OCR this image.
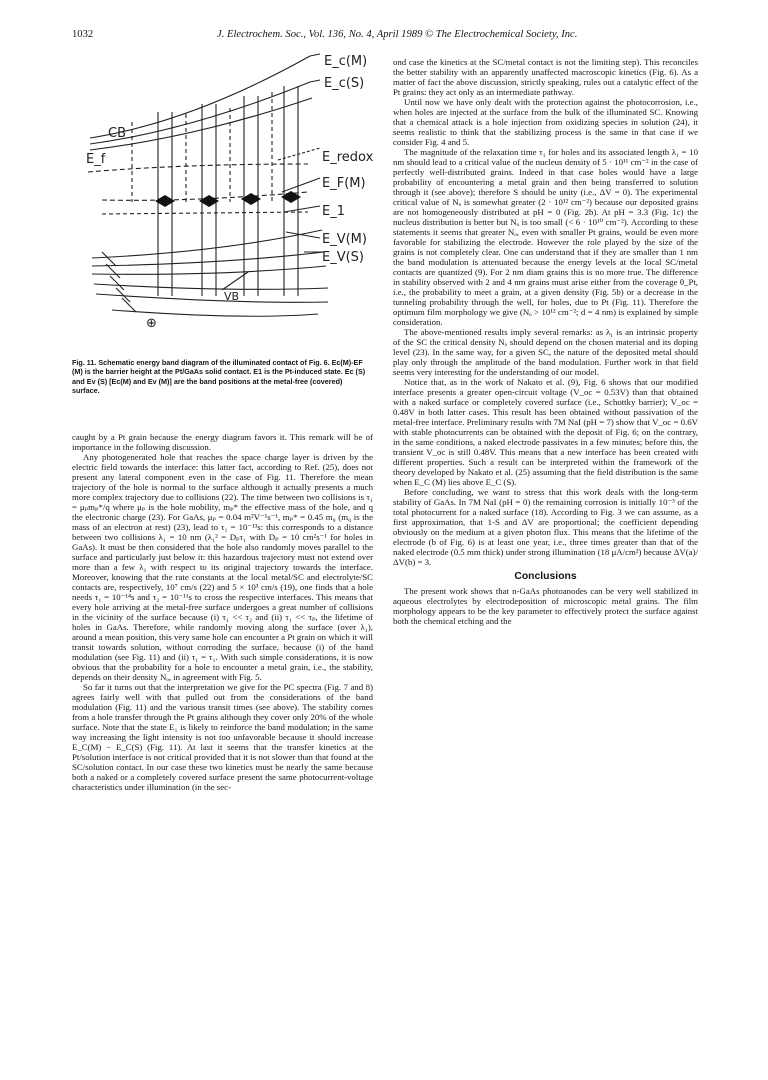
1032	J. Electrochem. Soc., Vol. 136, No. 4, April 1989 © The Electrochemical Society, Inc.
E_c(M)
E_c(S)
CB
E_f	E_redox
E_F(M)
E_1
E_V(M)
E_V(S)
VB
⊕
Fig. 11. Schematic energy band diagram of the illuminated contact of Fig. 6. Ec(M)-EF (M) is the barrier height at the Pt/GaAs solid contact. E1 is the Pt-induced state. Ec (S) and Ev (S) [Ec(M) and Ev (M)] are the band positions at the metal-free (covered) surface.

caught by a Pt grain because the energy diagram favors it. This remark will be of importance in the following discussion.

Any photogenerated hole that reaches the space charge layer is driven by the electric field towards the interface: this latter fact, according to Ref. (25), does not present any lateral component even in the case of Fig. 11. Therefore the mean trajectory of the hole is normal to the surface although it actually presents a much more complex trajectory due to collisions (22). The time between two collisions is τ₁ = μₚmₚ*/q where μₚ is the hole mobility, mₚ* the effective mass of the hole, and q the electronic charge (23). For GaAs, μₚ = 0.04 m²V⁻¹s⁻¹, mₚ* = 0.45 m₀ (m₀ is the mass of an electron at rest) (23), lead to τ₁ = 10⁻¹³s: this corresponds to a distance between two collisions λ₁ = 10 nm (λ₁² = Dₚτ₁ with Dₚ = 10 cm²s⁻¹ for holes in GaAs). It must be then considered that the hole also randomly moves parallel to the surface and particularly just below it: this hazardous trajectory must not extend over more than a few λ₁ with respect to its original trajectory towards the interface. Moreover, knowing that the rate constants at the local metal/SC and electrolyte/SC contacts are, respectively, 10⁷ cm/s (22) and 5 × 10³ cm/s (19), one finds that a hole needs τ₁ = 10⁻¹⁴s and τ₂ = 10⁻¹¹s to cross the respective interfaces. This means that every hole arriving at the metal-free surface undergoes a great number of collisions in the vicinity of the surface because (i) τ₁ << τ₂ and (ii) τ₁ << τₚ, the lifetime of holes in GaAs. Therefore, while randomly moving along the surface (over λ₁), around a mean position, this very same hole can encounter a Pt grain on which it will transit towards solution, without corroding the surface, because (i) of the band modulation (see Fig. 11) and (ii) τ₁ = τ₁. With such simple considerations, it is now obvious that the probability for a hole to encounter a metal grain, i.e., the stability, depends on their density Nₒ, in agreement with Fig. 5.

So far it turns out that the interpretation we give for the PC spectra (Fig. 7 and 8) agrees fairly well with that pulled out from the considerations of the band modulation (Fig. 11) and the various transit times (see above). The stability comes from a hole transfer through the Pt grains although they cover only 20% of the whole surface. Note that the state E₁ is likely to reinforce the band modulation; in the same way increasing the light intensity is not too unfavorable because it should increase E_C(M) − E_C(S) (Fig. 11). At last it seems that the transfer kinetics at the Pt/solution interface is not critical provided that it is not slower than that found at the SC/solution contact. In our case these two kinetics must be nearly the same because both a naked or a completely covered surface present the same photocurrent-voltage characteristics under illumination (in the sec-

ond case the kinetics at the SC/metal contact is not the limiting step). This reconciles the better stability with an apparently unaffected macroscopic kinetics (Fig. 6). As a matter of fact the above discussion, strictly speaking, rules out a catalytic effect of the Pt grains: they act only as an intermediate pathway.

Until now we have only dealt with the protection against the photocorrosion, i.e., when holes are injected at the surface from the bulk of the illuminated SC. Knowing that a chemical attack is a hole injection from oxidizing species in solution (24), it seems realistic to think that the stabilizing process is the same in that case if we consider Fig. 4 and 5.

The magnitude of the relaxation time τ₁ for holes and its associated length λ₁ = 10 nm should lead to a critical value of the nucleus density of 5 · 10¹¹ cm⁻² in the case of perfectly well-distributed grains. Indeed in that case holes would have a large probability of encountering a metal grain and then being transferred to solution through it (see above); therefore S should be unity (i.e., ΔV = 0). The experimental critical value of Nₒ is somewhat greater (2 · 10¹² cm⁻²) because our deposited grains are not homogeneously distributed at pH = 0 (Fig. 2b). At pH = 3.3 (Fig. 1c) the nucleus distribution is better but Nₒ is too small (< 6 · 10¹⁰ cm⁻²). According to these statements it seems that greater Nₒ, even with smaller Pt grains, would be even more favorable for stabilizing the electrode. However the role played by the size of the grains is not completely clear. One can understand that if they are smaller than 1 nm the band modulation is attenuated because the energy levels at the local SC/metal contacts are quantized (9). For 2 nm diam grains this is no more true. The difference in stability observed with 2 and 4 nm grains must arise either from the coverage θ_Pt, i.e., the probability to meet a grain, at a given density (Fig. 5b) or a decrease in the tunneling probability through the well, for holes, due to Pt (Fig. 11). Therefore the optimum film morphology we give (Nₒ > 10¹² cm⁻²; d = 4 nm) is explained by simple consideration.

The above-mentioned results imply several remarks: as λ₁ is an intrinsic property of the SC the critical density Nₒ should depend on the chosen material and its doping level (23). In the same way, for a given SC, the nature of the deposited metal should play only through the amplitude of the band modulation. Further work in that field seems very interesting for the understanding of our model.

Notice that, as in the work of Nakato et al. (9), Fig. 6 shows that our modified interface presents a greater open-circuit voltage (V_oc = 0.53V) than that obtained with a naked surface or completely covered surface (i.e., Schottky barrier); V_oc = 0.48V in both latter cases. This result has been obtained without passivation of the metal-free interface. Preliminary results with 7M NaI (pH = 7) show that V_oc = 0.6V with stable photocurrents can be obtained with the deposit of Fig. 6; on the contrary, in the same conditions, a naked electrode passivates in a few minutes; before this, the transient V_oc is still 0.48V. This means that a new interface has been created with different properties. Such a result can be interpreted within the framework of the theory developed by Nakato et al. (25) assuming that the field distribution is the same when E_C (M) lies above E_C (S).

Before concluding, we want to stress that this work deals with the long-term stability of GaAs. In 7M NaI (pH = 0) the remaining corrosion is initially 10⁻³ of the total photocurrent for a naked surface (18). According to Fig. 3 we can assume, as a first approximation, that 1-S and ΔV are proportional; the coefficient depending obviously on the medium at a given photon flux. This means that the lifetime of the electrode (b of Fig. 6) is at least one year, i.e., three times greater than that of the naked electrode (0.5 mm thick) under strong illumination (18 μA/cm²) because ΔV(a)/ΔV(b) = 3.

Conclusions

The present work shows that n-GaAs photoanodes can be very well stabilized in aqueous electrolytes by electrodeposition of microscopic metal grains. The film morphology appears to be the key parameter to effectively protect the surface against both the chemical etching and the
